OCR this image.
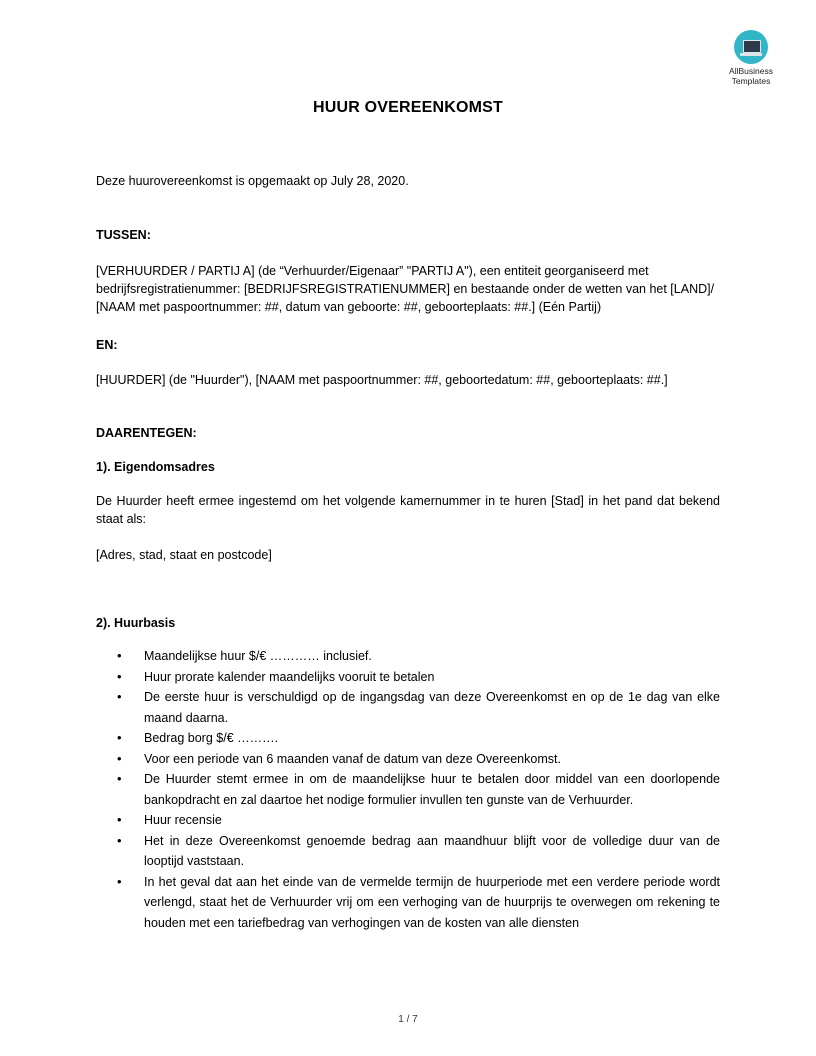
AllBusiness
Templates
HUUR OVEREENKOMST

Deze huurovereenkomst is opgemaakt op July 28, 2020.

TUSSEN:

[VERHUURDER / PARTIJ A] (de “Verhuurder/Eigenaar” "PARTIJ A"), een entiteit georganiseerd met bedrijfsregistratienummer: [BEDRIJFSREGISTRATIENUMMER] en bestaande onder de wetten van het [LAND]/ [NAAM met paspoortnummer: ##, datum van geboorte: ##, geboorteplaats: ##.] (Eén Partij)

EN:

[HUURDER] (de "Huurder"), [NAAM met paspoortnummer: ##, geboortedatum: ##, geboorteplaats: ##.]

DAARENTEGEN:

1). Eigendomsadres

De Huurder heeft ermee ingestemd om het volgende kamernummer in te huren [Stad] in het pand dat bekend staat als:

[Adres, stad, staat en postcode]

2). Huurbasis

• Maandelijkse huur $/€ ………… inclusief.
• Huur prorate kalender maandelijks vooruit te betalen
• De eerste huur is verschuldigd op de ingangsdag van deze Overeenkomst en op de 1e dag van elke maand daarna.
• Bedrag borg $/€ ……….
• Voor een periode van 6 maanden vanaf de datum van deze Overeenkomst.
• De Huurder stemt ermee in om de maandelijkse huur te betalen door middel van een doorlopende bankopdracht en zal daartoe het nodige formulier invullen ten gunste van de Verhuurder.
• Huur recensie
• Het in deze Overeenkomst genoemde bedrag aan maandhuur blijft voor de volledige duur van de looptijd vaststaan.
• In het geval dat aan het einde van de vermelde termijn de huurperiode met een verdere periode wordt verlengd, staat het de Verhuurder vrij om een verhoging van de huurprijs te overwegen om rekening te houden met een tariefbedrag van verhogingen van de kosten van alle diensten
1 / 7
